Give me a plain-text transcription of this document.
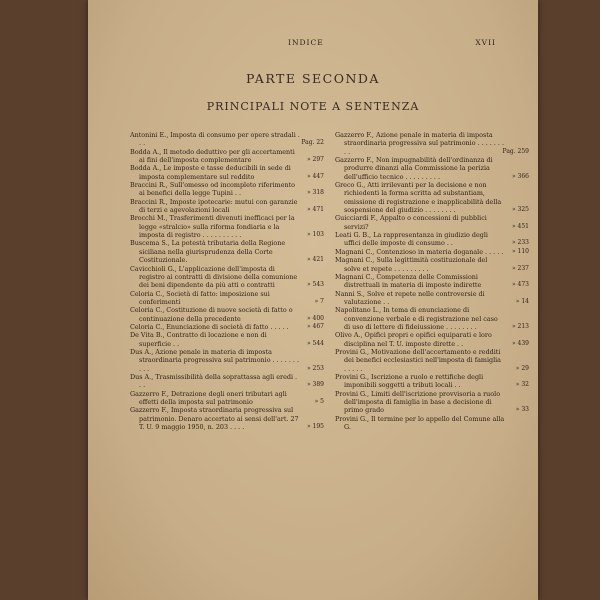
INDICE	XVII
PARTE SECONDA
PRINCIPALI NOTE A SENTENZA
Antonini E., Imposta di consumo per opere stradali . . .	Pag. 22
Bodda A., Il metodo deduttivo per gli accertamenti ai fini dell'imposta complementare	» 297
Bodda A., Le imposte e tasse deducibili in sede di imposta complementare sul reddito	» 447
Braccini R., Sull'omesso od incompleto riferimento ai benefici della legge Tupini . .	» 318
Braccini R., Imposte ipotecarie: mutui con garanzie di terzi e agevolazioni locali	» 471
Brocchi M., Trasferimenti divenuti inefficaci per la legge «stralcio» sulla riforma fondiaria e la imposta di registro . . . . . . . . . .	» 103
Buscema S., La potestà tributaria della Regione siciliana nella giurisprudenza della Corte Costituzionale.	» 421
Cavicchioli G., L'applicazione dell'imposta di registro ai contratti di divisione della comunione dei beni dipendente da più atti o contratti	» 543
Celoria C., Società di fatto: imposizione sui conferimenti	» 7
Celoria C., Costituzione di nuove società di fatto o continuazione della precedente	» 400
Celoria C., Enunciazione di società di fatto . . . . .	» 467
De Vita B., Contratto di locazione e non di superficie . .	» 544
Dus A., Azione penale in materia di imposta straordinaria progressiva sul patrimonio . . . . . . . . . .	» 253
Dus A., Trasmissibilità della soprattassa agli eredi . . .	» 389
Gazzerro F., Detrazione degli oneri tributari agli effetti della imposta sul patrimonio	» 5
Gazzerro F., Imposta straordinaria progressiva sul patrimonio. Denaro accertato ai sensi dell'art. 27 T. U. 9 maggio 1950, n. 203 . . . .	» 195
Gazzerro F., Azione penale in materia di imposta straordinaria progressiva sul patrimonio . . . . . . . . .	Pag. 259
Gazzerro F., Non impugnabilità dell'ordinanza di produrre dinanzi alla Commissione la perizia dell'ufficio tecnico . . . . . . . . .	» 366
Greco G., Atti irrilevanti per la decisione e non richiedenti la forma scritta ad substantiam, omissione di registrazione e inapplicabilità della sospensione del giudizio . . . . . . . .	» 325
Guicciardi F., Appalto o concessioni di pubblici servizi?	» 451
Leati G. B., La rappresentanza in giudizio degli uffici delle imposte di consumo . .	» 233
Magnani C., Contenzioso in materia doganale . . . . . » 110
Magnani C., Sulla legittimità costituzionale del solve et repete . . . . . . . . .	» 237
Magnani C., Competenza delle Commissioni distrettuali in materia di imposte indirette	» 473
Nanni S., Solve et repete nelle controversie di valutazione . .	» 14
Napolitano L., In tema di enunciazione di convenzione verbale e di registrazione nel caso di uso di lettere di fideiussione . . . . . . . .	» 213
Olivo A., Opifici propri e opifici equiparati e loro disciplina nel T. U. imposte dirette . .	» 439
Provini G., Motivazione dell'accertamento e redditi dei benefici ecclesiastici nell'imposta di famiglia . . . . .	» 29
Provini G., Iscrizione a ruolo e rettifiche degli imponibili soggetti a tributi locali . .	» 32
Provini G., Limiti dell'iscrizione provvisoria a ruolo dell'imposta di famiglia in base a decisione di primo grado	» 33
Provini G., Il termine per lo appello del Comune alla G.
